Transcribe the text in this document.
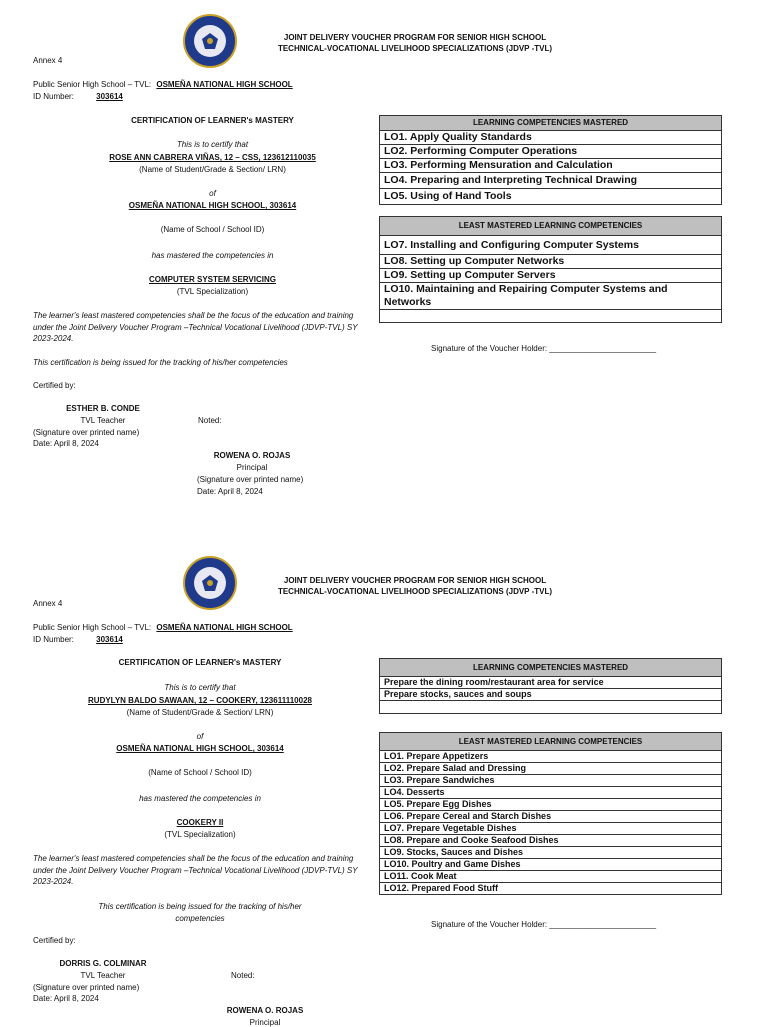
JOINT DELIVERY VOUCHER PROGRAM FOR SENIOR HIGH SCHOOL
TECHNICAL-VOCATIONAL LIVELIHOOD SPECIALIZATIONS (JDVP -TVL)
Annex 4
Public Senior High School – TVL: OSMEÑA NATIONAL HIGH SCHOOL
ID Number:	303614
CERTIFICATION OF LEARNER's MASTERY
This is to certify that
ROSE ANN CABRERA VIÑAS, 12 – CSS, 123612110035
(Name of Student/Grade & Section/ LRN)
of
OSMEÑA NATIONAL HIGH SCHOOL, 303614
(Name of School / School ID)
has mastered the competencies in
COMPUTER SYSTEM SERVICING
(TVL Specialization)
The learner's least mastered competencies shall be the focus of the education and training under the Joint Delivery Voucher Program –Technical Vocational Livelihood (JDVP-TVL) SY 2023-2024.
This certification is being issued for the tracking of his/her competencies
Certified by:
ESTHER B. CONDE
TVL Teacher
(Signature over printed name)
Date: April 8, 2024
Noted:
ROWENA O. ROJAS
Principal
(Signature over printed name)
Date: April 8, 2024
LEARNING COMPETENCIES MASTERED
LO1. Apply Quality Standards
LO2. Performing Computer Operations
LO3. Performing Mensuration and Calculation
LO4. Preparing and Interpreting Technical Drawing
LO5. Using of Hand Tools
LEAST MASTERED LEARNING COMPETENCIES
LO7. Installing and Configuring Computer Systems
LO8. Setting up Computer Networks
LO9. Setting up Computer Servers
LO10. Maintaining and Repairing Computer Systems and Networks

Signature of the Voucher Holder: ________________________
JOINT DELIVERY VOUCHER PROGRAM FOR SENIOR HIGH SCHOOL
TECHNICAL-VOCATIONAL LIVELIHOOD SPECIALIZATIONS (JDVP -TVL)
Annex 4
Public Senior High School – TVL: OSMEÑA NATIONAL HIGH SCHOOL
ID Number:	303614
CERTIFICATION OF LEARNER's MASTERY
This is to certify that
RUDYLYN BALDO SAWAAN, 12 – COOKERY, 123611110028
(Name of Student/Grade & Section/ LRN)
of
OSMEÑA NATIONAL HIGH SCHOOL, 303614
(Name of School / School ID)
has mastered the competencies in
COOKERY II
(TVL Specialization)
The learner's least mastered competencies shall be the focus of the education and training under the Joint Delivery Voucher Program –Technical Vocational Livelihood (JDVP-TVL) SY 2023-2024.
This certification is being issued for the tracking of his/her competencies
Certified by:
DORRIS G. COLMINAR
TVL Teacher
(Signature over printed name)
Date: April 8, 2024
Noted:
ROWENA O. ROJAS
Principal
LEARNING COMPETENCIES MASTERED
Prepare the dining room/restaurant area for service
Prepare stocks, sauces and soups

LEAST MASTERED LEARNING COMPETENCIES
LO1. Prepare Appetizers
LO2. Prepare Salad and Dressing
LO3. Prepare Sandwiches
LO4. Desserts
LO5. Prepare Egg Dishes
LO6. Prepare Cereal and Starch Dishes
LO7. Prepare Vegetable Dishes
LO8. Prepare and Cooke Seafood Dishes
LO9. Stocks, Sauces and Dishes
LO10. Poultry and Game Dishes
LO11. Cook Meat
LO12. Prepared Food Stuff
Signature of the Voucher Holder: ________________________
